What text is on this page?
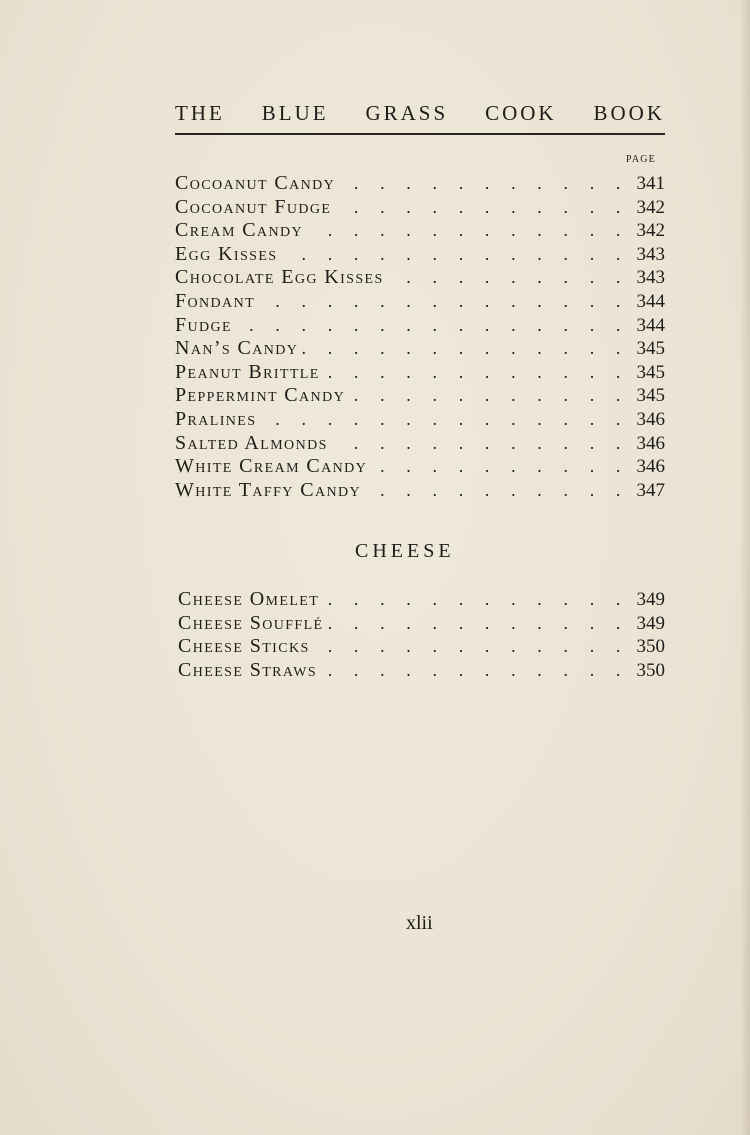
THE BLUE GRASS COOK BOOK
PAGE
Cocoanut Candy . . .	341
Cocoanut Fudge . . .	342
Cream Candy . . .	342
Egg Kisses . . .	343
Chocolate Egg Kisses . . .	343
Fondant . . .	344
Fudge . . .	344
Nan’s Candy . . .	345
Peanut Brittle . . .	345
Peppermint Candy . . .	345
Pralines . . .	346
Salted Almonds . . .	346
White Cream Candy . . .	346
White Taffy Candy . . .	347
CHEESE
Cheese Omelet . . .	349
Cheese Soufflé . . .	349
Cheese Sticks . . .	350
Cheese Straws . . .	350
xlii
